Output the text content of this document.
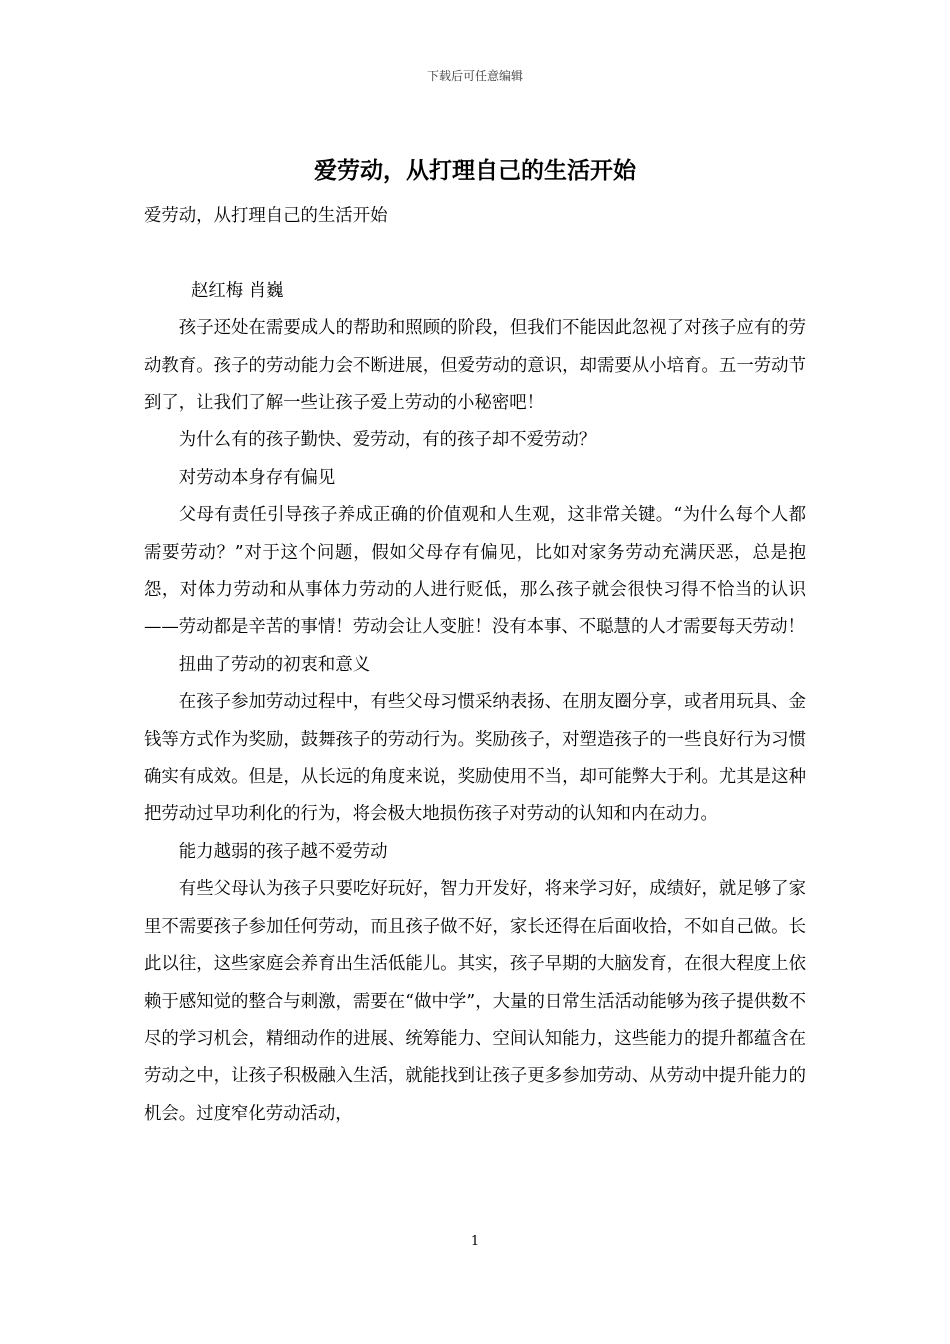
下载后可任意编辑
爱劳动，从打理自己的生活开始

爱劳动，从打理自己的生活开始

赵红梅 肖巍

孩子还处在需要成人的帮助和照顾的阶段，但我们不能因此忽视了对孩子应有的劳动教育。孩子的劳动能力会不断进展，但爱劳动的意识，却需要从小培育。五一劳动节到了，让我们了解一些让孩子爱上劳动的小秘密吧！

为什么有的孩子勤快、爱劳动，有的孩子却不爱劳动？

对劳动本身存有偏见

父母有责任引导孩子养成正确的价值观和人生观，这非常关键。“为什么每个人都需要劳动？”对于这个问题，假如父母存有偏见，比如对家务劳动充满厌恶，总是抱怨，对体力劳动和从事体力劳动的人进行贬低，那么孩子就会很快习得不恰当的认识——劳动都是辛苦的事情！劳动会让人变脏！没有本事、不聪慧的人才需要每天劳动！

扭曲了劳动的初衷和意义

在孩子参加劳动过程中，有些父母习惯采纳表扬、在朋友圈分享，或者用玩具、金钱等方式作为奖励，鼓舞孩子的劳动行为。奖励孩子，对塑造孩子的一些良好行为习惯确实有成效。但是，从长远的角度来说，奖励使用不当，却可能弊大于利。尤其是这种把劳动过早功利化的行为，将会极大地损伤孩子对劳动的认知和内在动力。

能力越弱的孩子越不爱劳动

有些父母认为孩子只要吃好玩好，智力开发好，将来学习好，成绩好，就足够了家里不需要孩子参加任何劳动，而且孩子做不好，家长还得在后面收拾，不如自己做。长此以往，这些家庭会养育出生活低能儿。其实，孩子早期的大脑发育，在很大程度上依赖于感知觉的整合与刺激，需要在“做中学”，大量的日常生活活动能够为孩子提供数不尽的学习机会，精细动作的进展、统筹能力、空间认知能力，这些能力的提升都蕴含在劳动之中，让孩子积极融入生活，就能找到让孩子更多参加劳动、从劳动中提升能力的机会。过度窄化劳动活动，

1
